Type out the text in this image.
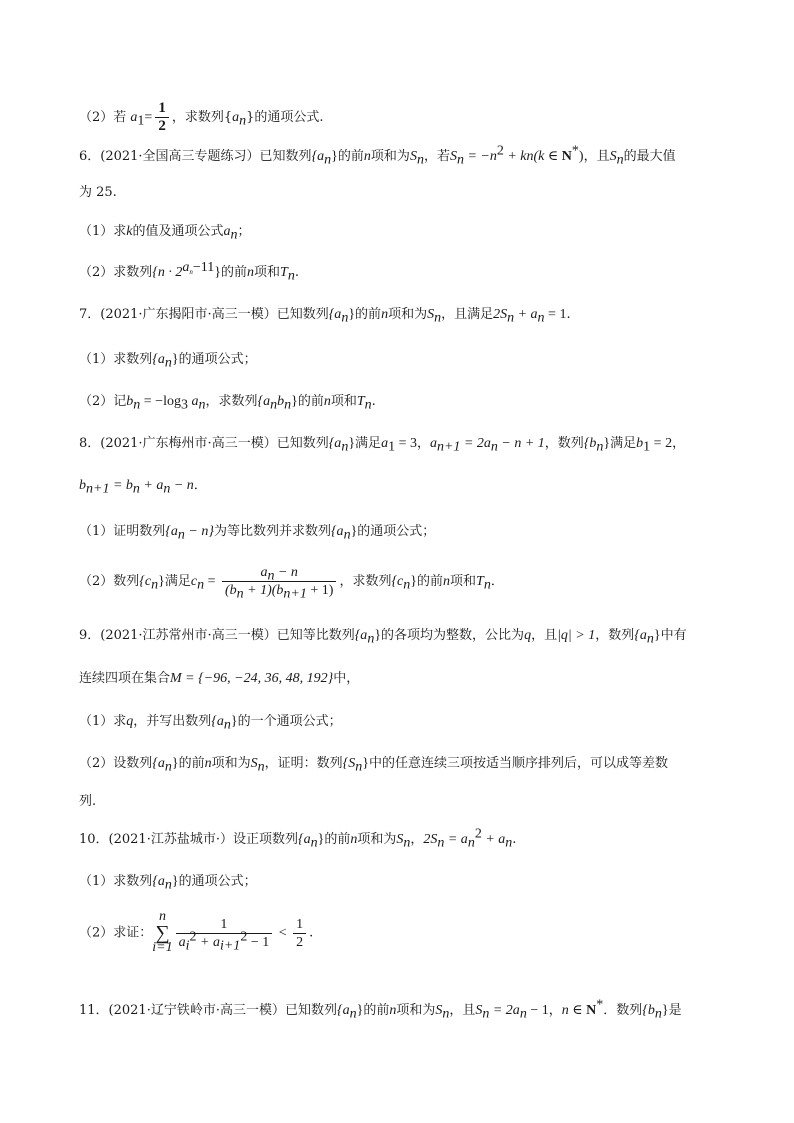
（2）若 $a_1= \frac{1}{2}$ ，求数列$\{a_n\}$的通项公式.
6．(2021·全国高三专题练习）已知数列$\{a_n\}$的前n项和为$S_n$，若$S_n = -n^2 + kn(k$ ∈ N*)，且$S_n$的最大值
为 25.
（1）求k的值及通项公式$a_n$；
（2）求数列$\{n \cdot 2^{a_n-11}\}$的前n项和$T_n$.
7．(2021·广东揭阳市·高三一模）已知数列$\{a_n\}$的前n项和为$S_n$，且满足$2S_n + a_n = 1$.
（1）求数列$\{a_n\}$的通项公式；
（2）记$b_n = -\log_3$ $a_n$，求数列$\{a_nb_n\}$的前n项和$T_n$.
8．(2021·广东梅州市·高三一模）已知数列$\{a_n\}$满足$a_1 = 3$，$a_{n+1} = 2a_n - n + 1$，数列$\{b_n\}$满足$b_1 = 2$，
$b_{n+1} = b_n + a_n - n$．
（1）证明数列$\{a_n - n\}$为等比数列并求数列$\{a_n\}$的通项公式；
（2）数列$\{c_n\}$满足$c_n = \frac{a_n - n}{(b_n + 1)(b_{n+1} + 1)}$ ，求数列$\{c_n\}$的前n项和$T_n$．
9．(2021·江苏常州市·高三一模）已知等比数列$\{a_n\}$的各项均为整数，公比为q，且|q| > 1，数列$\{a_n\}$中有
连续四项在集合M = {−96, −24, 36, 48, 192}中，
（1）求q，并写出数列$\{a_n\}$的一个通项公式；
（2）设数列$\{a_n\}$的前n项和为$S_n$，证明：数列$\{S_n\}$中的任意连续三项按适当顺序排列后，可以成等差数
列.
10．(2021·江苏盐城市·）设正项数列$\{a_n\}$的前n项和为$S_n$，$2S_n = a_n^2 + a_n$.
（1）求数列$\{a_n\}$的通项公式；
（2）求证：n
∑
$i=1 \frac{1}{a_i^2 + a_{i+1}^2 - 1} < \frac{1}{2}$ .
11．(2021·辽宁铁岭市·高三一模）已知数列$\{a_n\}$的前n项和为$S_n$，且$S_n = 2a_n - 1$，n ∈ N*．数列$\{b_n\}$是
